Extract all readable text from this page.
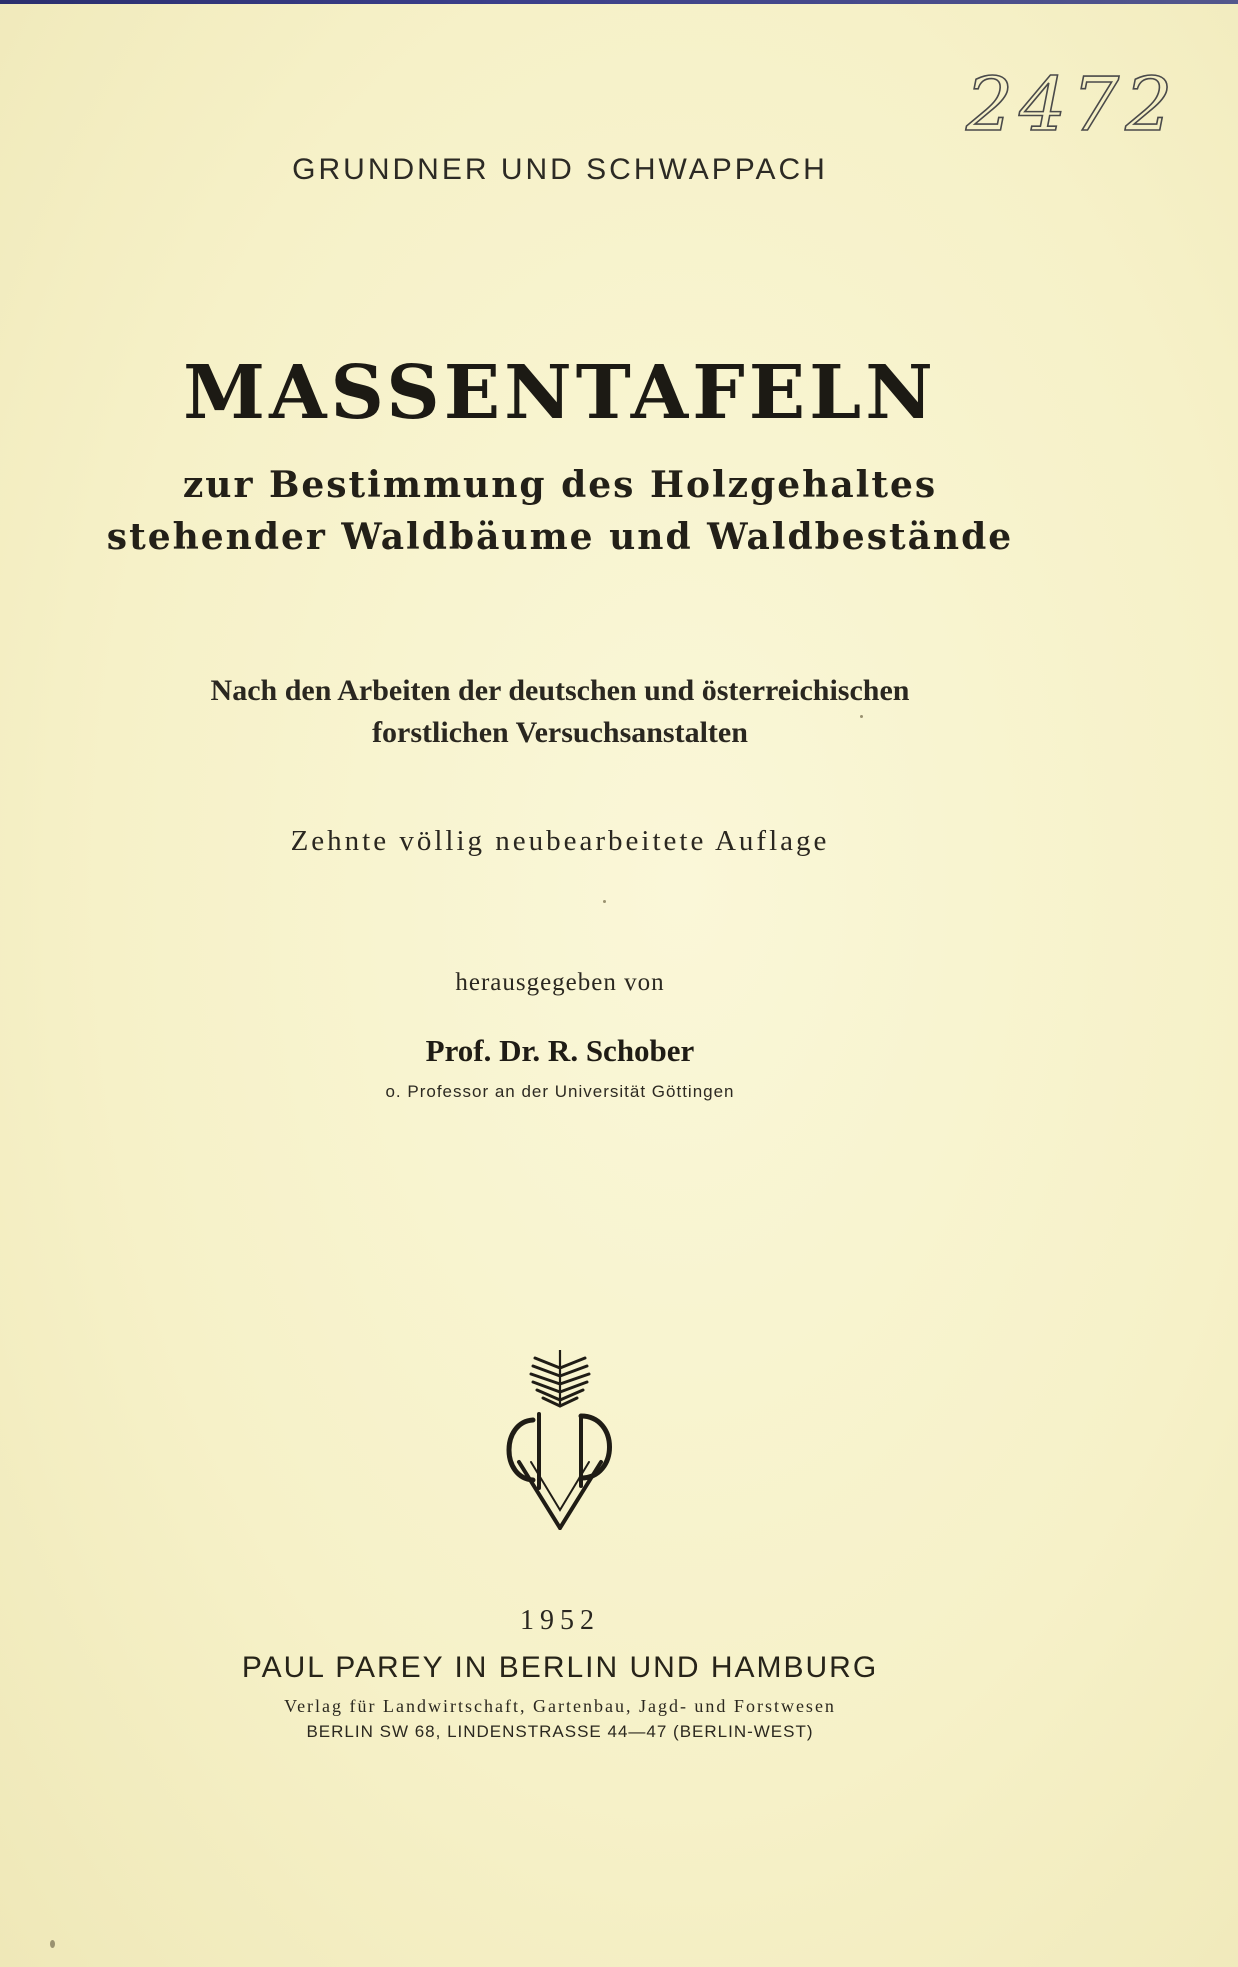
2472
GRUNDNER UND SCHWAPPACH
MASSENTAFELN
zur Bestimmung des Holzgehaltes
stehender Waldbäume und Waldbestände
Nach den Arbeiten der deutschen und österreichischen
forstlichen Versuchsanstalten
Zehnte völlig neubearbeitete Auflage
herausgegeben von
Prof. Dr. R. Schober
o. Professor an der Universität Göttingen
1952
PAUL PAREY IN BERLIN UND HAMBURG
Verlag für Landwirtschaft, Gartenbau, Jagd- und Forstwesen
BERLIN SW 68, LINDENSTRASSE 44—47 (BERLIN-WEST)
